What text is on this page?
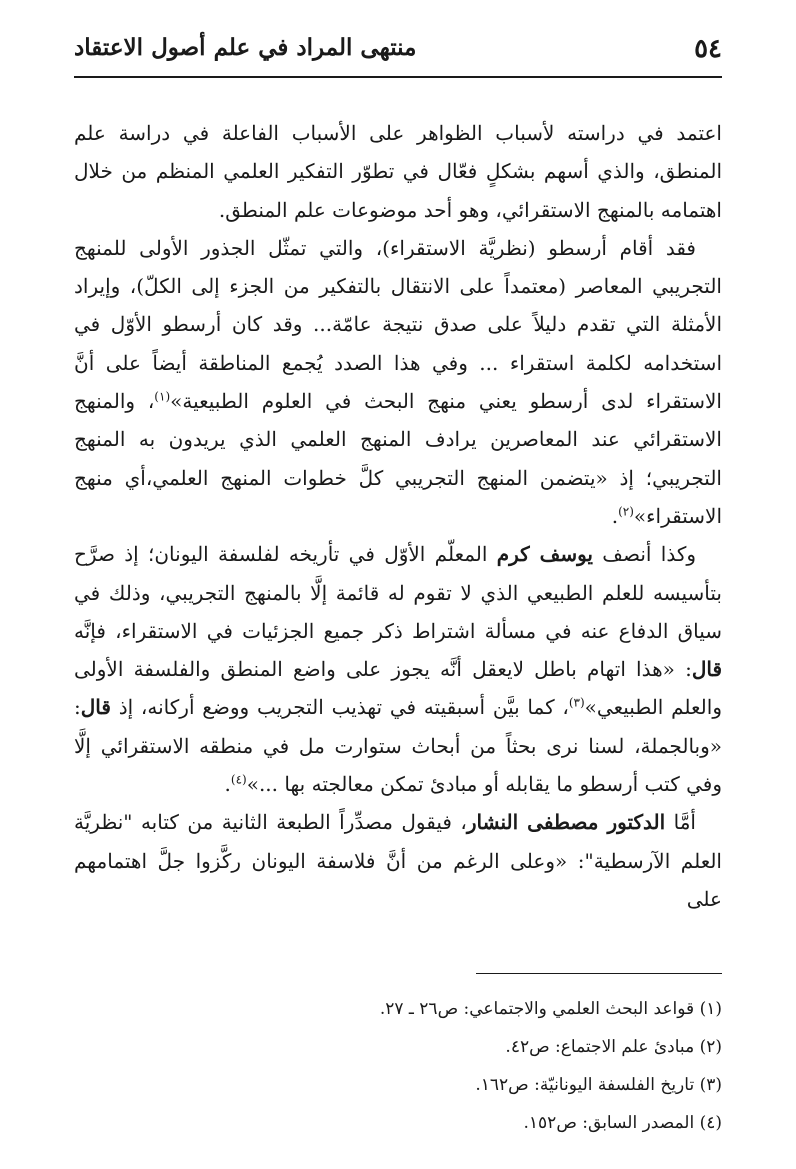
٥٤
منتهى المراد في علم أصول الاعتقاد

اعتمد في دراسته لأسباب الظواهر على الأسباب الفاعلة في دراسة علم المنطق، والذي أسهم بشكلٍ فعّال في تطوّر التفكير العلمي المنظم من خلال اهتمامه بالمنهج الاستقرائي، وهو أحد موضوعات علم المنطق.

فقد أقام أرسطو (نظريَّة الاستقراء)، والتي تمثّل الجذور الأولى للمنهج التجريبي المعاصر (معتمداً على الانتقال بالتفكير من الجزء إلى الكلّ)، وإيراد الأمثلة التي تقدم دليلاً على صدق نتيجة عامّة... وقد كان أرسطو الأوّل في استخدامه لكلمة استقراء ... وفي هذا الصدد يُجمع المناطقة أيضاً على أنَّ الاستقراء لدى أرسطو يعني منهج البحث في العلوم الطبيعية»$^{(١)}$، والمنهج الاستقرائي عند المعاصرين يرادف المنهج العلمي الذي يريدون به المنهج التجريبي؛ إذ «يتضمن المنهج التجريبي كلَّ خطوات المنهج العلمي،أي منهج الاستقراء»$^{(٢)}$.

وكذا أنصف يوسف كرم المعلّم الأوّل في تأريخه لفلسفة اليونان؛ إذ صرَّح بتأسيسه للعلم الطبيعي الذي لا تقوم له قائمة إلَّا بالمنهج التجريبي، وذلك في سياق الدفاع عنه في مسألة اشتراط ذكر جميع الجزئيات في الاستقراء، فإنَّه قال: «هذا اتهام باطل لايعقل أنَّه يجوز على واضع المنطق والفلسفة الأولى والعلم الطبيعي»$^{(٣)}$، كما بيَّن أسبقيته في تهذيب التجريب ووضع أركانه، إذ قال: «وبالجملة، لسنا نرى بحثاً من أبحاث ستوارت مل في منطقه الاستقرائي إلَّا وفي كتب أرسطو ما يقابله أو مبادئ تمكن معالجته بها ...»$^{(٤)}$.

أمَّا الدكتور مصطفى النشار، فيقول مصدِّراً الطبعة الثانية من كتابه "نظريَّة العلم الآرسطية": «وعلى الرغم من أنَّ فلاسفة اليونان ركَّزوا جلَّ اهتمامهم على

(١) قواعد البحث العلمي والاجتماعي: ص٢٦ ـ ٢٧.

(٢) مبادئ علم الاجتماع: ص٤٢.

(٣) تاريخ الفلسفة اليونانيّة: ص١٦٢.

(٤) المصدر السابق: ص١٥٢.
